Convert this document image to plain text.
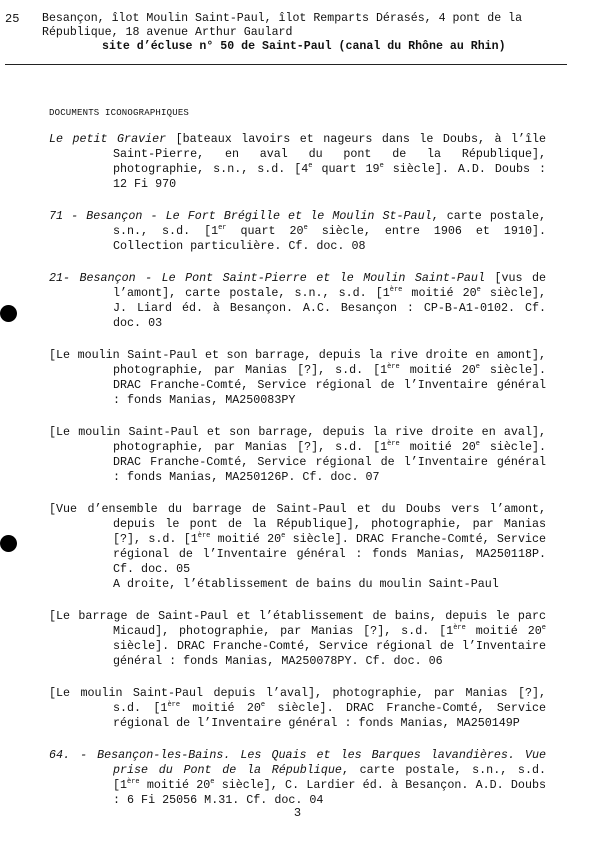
25 Besançon, îlot Moulin Saint-Paul, îlot Remparts Dérasés, 4 pont de la
République, 18 avenue Arthur Gaulard
site d’écluse n° 50 de Saint-Paul (canal du Rhône au Rhin)
DOCUMENTS ICONOGRAPHIQUES
Le petit Gravier [bateaux lavoirs et nageurs dans le Doubs, à l’île Saint-Pierre, en aval du pont de la République], photographie, s.n., s.d. [4e quart 19e siècle]. A.D. Doubs : 12 Fi 970
71 - Besançon - Le Fort Brégille et le Moulin St-Paul, carte postale, s.n., s.d. [1er quart 20e siècle, entre 1906 et 1910]. Collection particulière. Cf. doc. 08
21- Besançon - Le Pont Saint-Pierre et le Moulin Saint-Paul [vus de l’amont], carte postale, s.n., s.d. [1ère moitié 20e siècle], J. Liard éd. à Besançon. A.C. Besançon : CP-B-A1-0102. Cf. doc. 03
[Le moulin Saint-Paul et son barrage, depuis la rive droite en amont], photographie, par Manias [?], s.d. [1ère moitié 20e siècle]. DRAC Franche-Comté, Service régional de l’Inventaire général : fonds Manias, MA250083PY
[Le moulin Saint-Paul et son barrage, depuis la rive droite en aval], photographie, par Manias [?], s.d. [1ère moitié 20e siècle]. DRAC Franche-Comté, Service régional de l’Inventaire général : fonds Manias, MA250126P. Cf. doc. 07
[Vue d’ensemble du barrage de Saint-Paul et du Doubs vers l’amont, depuis le pont de la République], photographie, par Manias [?], s.d. [1ère moitié 20e siècle]. DRAC Franche-Comté, Service régional de l’Inventaire général : fonds Manias, MA250118P. Cf. doc. 05
A droite, l’établissement de bains du moulin Saint-Paul
[Le barrage de Saint-Paul et l’établissement de bains, depuis le parc Micaud], photographie, par Manias [?], s.d. [1ère moitié 20e siècle]. DRAC Franche-Comté, Service régional de l’Inventaire général : fonds Manias, MA250078PY. Cf. doc. 06
[Le moulin Saint-Paul depuis l’aval], photographie, par Manias [?], s.d. [1ère moitié 20e siècle]. DRAC Franche-Comté, Service régional de l’Inventaire général : fonds Manias, MA250149P
64. - Besançon-les-Bains. Les Quais et les Barques lavandières. Vue prise du Pont de la République, carte postale, s.n., s.d. [1ère moitié 20e siècle], C. Lardier éd. à Besançon. A.D. Doubs : 6 Fi 25056 M.31. Cf. doc. 04
3
